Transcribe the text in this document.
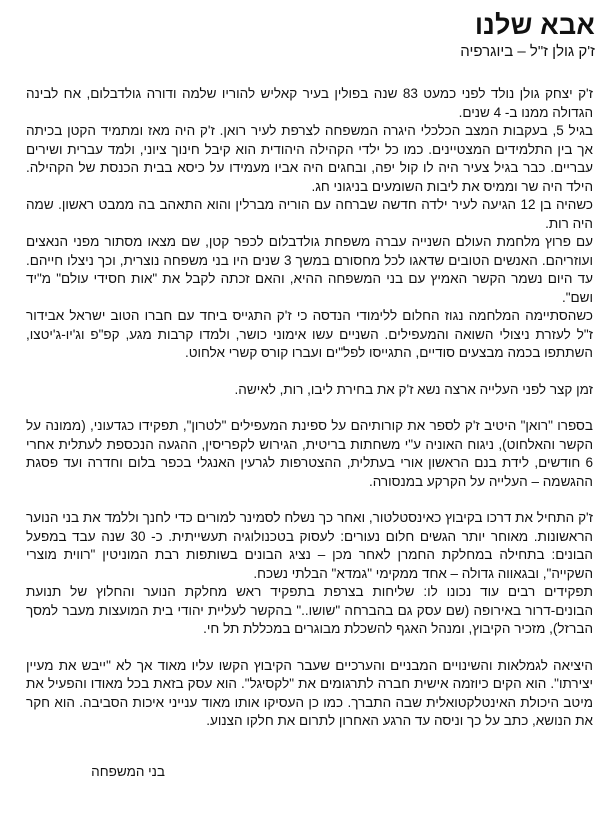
אבא שלנו
ז'ק גולן ז"ל – ביוגרפיה

ז'ק יצחק גולן נולד לפני כמעט 83 שנה בפולין בעיר קאליש להוריו שלמה ודורה גולדבלום, אח לבינה הגדולה ממנו ב- 4 שנים.

בגיל 5, בעקבות המצב הכלכלי היגרה המשפחה לצרפת לעיר רואן. ז'ק היה מאז ומתמיד הקטן בכיתה אך בין התלמידים המצטיינים. כמו כל ילדי הקהילה היהודית הוא קיבל חינוך ציוני, ולמד עברית ושירים עבריים. כבר בגיל צעיר היה לו קול יפה, ובחגים היה אביו מעמידו על כיסא בבית הכנסת של הקהילה. הילד היה שר וממיס את ליבות השומעים בניגוני חג.

כשהיה בן 12 הגיעה לעיר ילדה חדשה שברחה עם הוריה מברלין והוא התאהב בה ממבט ראשון. שמה היה רות.

עם פרוץ מלחמת העולם השנייה עברה משפחת גולדבלום לכפר קטן, שם מצאו מסתור מפני הנאצים ועוזריהם. האנשים הטובים שדאגו לכל מחסורם במשך 3 שנים היו בני משפחה נוצרית, וכך ניצלו חייהם. עד היום נשמר הקשר האמיץ עם בני המשפחה ההיא, והאם זכתה לקבל את "אות חסידי עולם" מ"יד ושם".

כשהסתיימה המלחמה נגוז החלום ללימודי הנדסה כי ז'ק התגייס ביחד עם חברו הטוב ישראל אבידור ז"ל לעזרת ניצולי השואה והמעפילים. השניים עשו אימוני כושר, ולמדו קרבות מגע, קפ"פ וג'יו-ג'יטצו, השתתפו בכמה מבצעים סודיים, התגייסו לפל"ים ועברו קורס קשרי אלחוט.

זמן קצר לפני העלייה ארצה נשא ז'ק את בחירת ליבו, רות, לאישה.

בספרו "רואן" היטיב ז'ק לספר את קורותיהם על ספינת המעפילים "לטרון", תפקידו כגדעוני, (ממונה על הקשר והאלחוט), ניגוח האוניה ע"י משחתות בריטית, הגירוש לקפריסין, ההגעה הנכספת לעתלית אחרי 6 חודשים, לידת בנם הראשון אורי בעתלית, ההצטרפות לגרעין האנגלי בכפר בלום וחדרה ועד פסגת ההגשמה – העלייה על הקרקע במנסורה.

ז'ק התחיל את דרכו בקיבוץ כאינסטלטור, ואחר כך נשלח לסמינר למורים כדי לחנך וללמד את בני הנוער הראשונות. מאוחר יותר הגשים חלום נעורים: לעסוק בטכנולוגיה תעשייתית. כ- 30 שנה עבד במפעל הבונים: בתחילה במחלקת החמרן לאחר מכן – נציג הבונים בשותפות רבת המוניטין "רווית מוצרי השקייה", ובגאווה גדולה – אחד ממקימי "גמדא" הבלתי נשכח.

תפקידים רבים עוד נכונו לו: שליחות בצרפת בתפקיד ראש מחלקת הנוער והחלוץ של תנועת הבונים-דרור באירופה (שם עסק גם בהברחה "שושו.." בהקשר לעליית יהודי בית המועצות מעבר למסך הברזל), מזכיר הקיבוץ, ומנהל האגף להשכלת מבוגרים במכללת תל חי.

היציאה לגמלאות והשינויים המבניים והערכיים שעבר הקיבוץ הקשו עליו מאוד אך לא "ייבש את מעיין יצירתו". הוא הקים כיוזמה אישית חברה לתרגומים את "לקסיגל". הוא עסק בזאת בכל מאודו והפעיל את מיטב היכולת האינטלקטואלית שבה התברך. כמו כן העסיקו אותו מאוד ענייני איכות הסביבה. הוא חקר את הנושא, כתב על כך וניסה עד הרגע האחרון לתרום את חלקו הצנוע.

בני המשפחה
